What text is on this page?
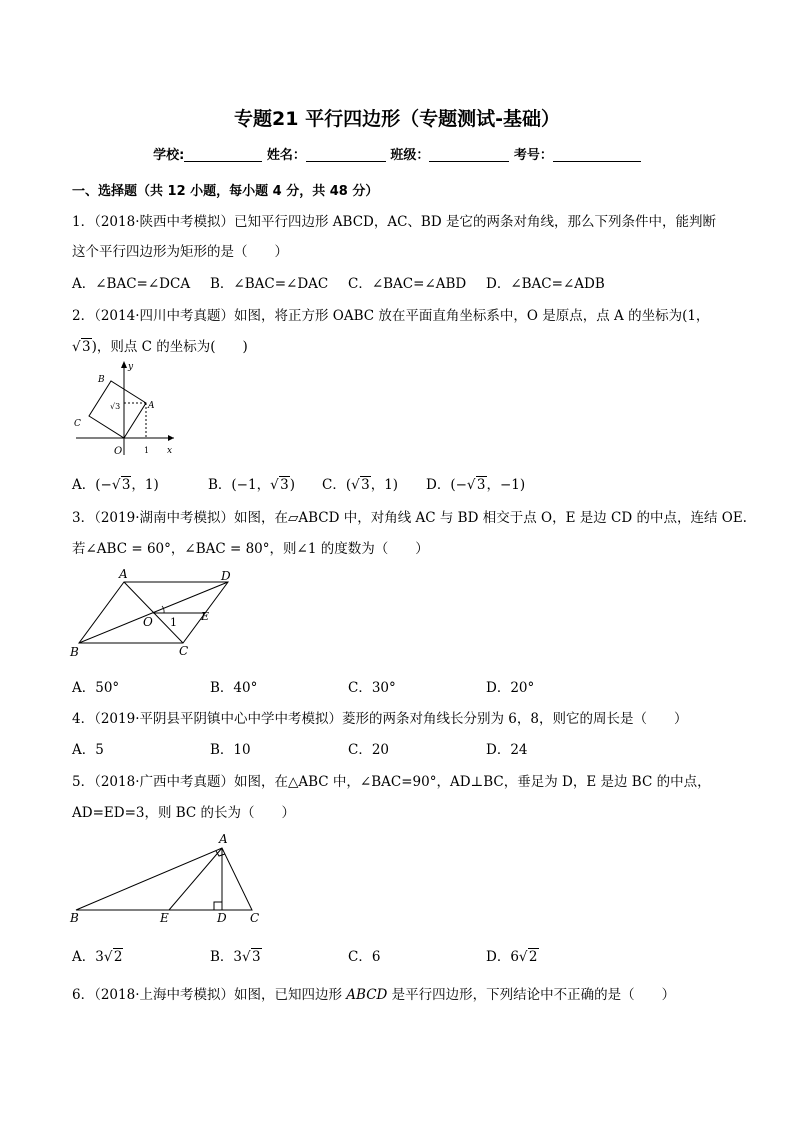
专题21 平行四边形（专题测试-基础）
学校:	姓名：	班级：	考号：
一、选择题（共 12 小题，每小题 4 分，共 48 分）
1．（2018·陕西中考模拟）已知平行四边形 ABCD，AC、BD 是它的两条对角线，那么下列条件中，能判断
这个平行四边形为矩形的是（　　）
A．∠BAC=∠DCA B．∠BAC=∠DAC C．∠BAC=∠ABD D．∠BAC=∠ADB
2．（2014·四川中考真题）如图，将正方形 OABC 放在平面直角坐标系中，O 是原点，点 A 的坐标为(1，
√ 3)，则点 C 的坐标为(　　)
y
x
O
A
B
C
1
√3
A．(− √ 3，1)	B．(−1， √ 3) C．( √ 3，1) D．(− √ 3，−1)
3．（2019·湖南中考模拟）如图，在▱ABCD 中，对角线 AC 与 BD 相交于点 O，E 是边 CD 的中点，连结 OE.
若∠ABC = 60°，∠BAC = 80°，则∠1 的度数为（　　）
A	D
B	C
O	E
1
A．50°	B．40°	C．30°	D．20°
4．（2019·平阴县平阴镇中心中学中考模拟）菱形的两条对角线长分别为 6，8，则它的周长是（　　）
A．5	B．10	C．20	D．24
5．（2018·广西中考真题）如图，在△ABC 中，∠BAC=90°，AD⊥BC，垂足为 D，E 是边 BC 的中点，
AD=ED=3，则 BC 的长为（　　）
A
B	E	D C
A．3 √ 2	B．3 √ 3	C．6	D．6 √ 2
6．（2018·上海中考模拟）如图，已知四边形 ABCD 是平行四边形，下列结论中不正确的是（　　）
